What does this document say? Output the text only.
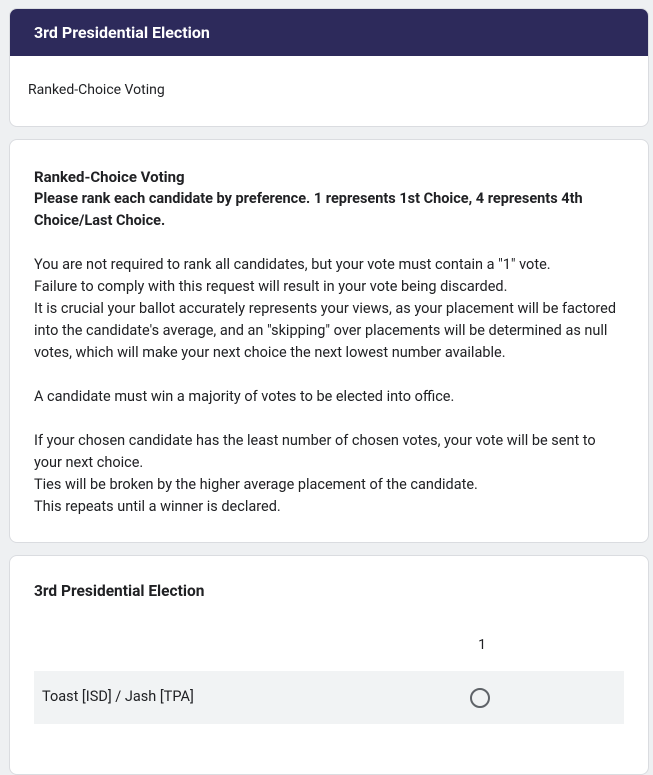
3rd Presidential Election
Ranked-Choice Voting
Ranked-Choice Voting
Please rank each candidate by preference. 1 represents 1st Choice, 4 represents 4th Choice/Last Choice.
You are not required to rank all candidates, but your vote must contain a "1" vote.
Failure to comply with this request will result in your vote being discarded.
It is crucial your ballot accurately represents your views, as your placement will be factored into the candidate's average, and an "skipping" over placements will be determined as null votes, which will make your next choice the next lowest number available.
A candidate must win a majority of votes to be elected into office.
If your chosen candidate has the least number of chosen votes, your vote will be sent to your next choice.
Ties will be broken by the higher average placement of the candidate.
This repeats until a winner is declared.
3rd Presidential Election
1
Toast [ISD] / Jash [TPA]
